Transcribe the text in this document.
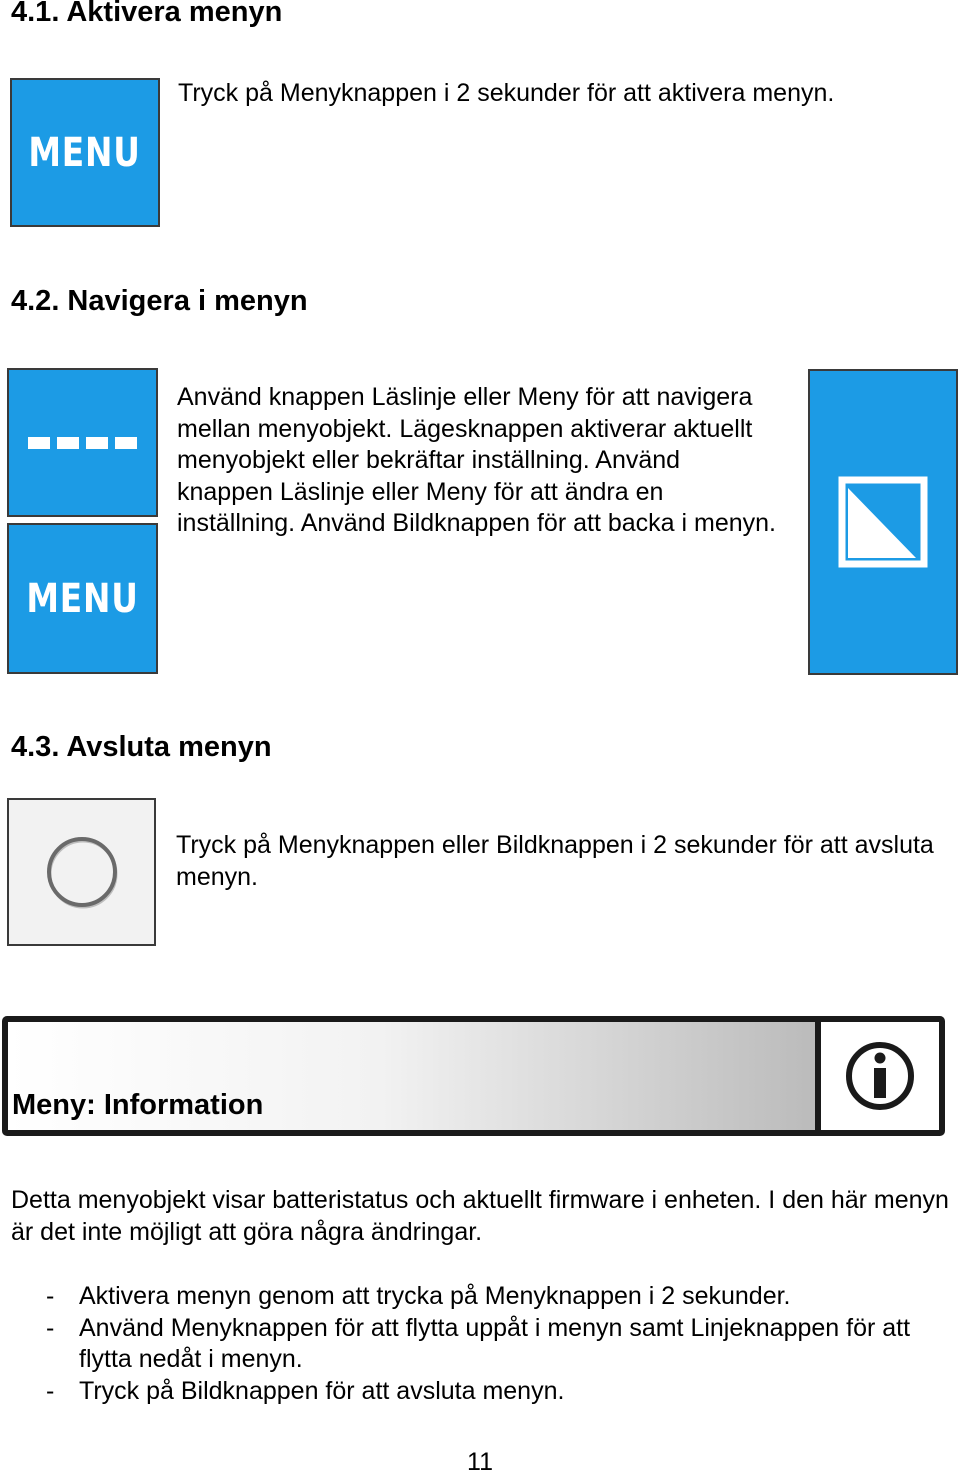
4.1. Aktivera menyn
MENU
Tryck på Menyknappen i 2 sekunder för att aktivera menyn.
4.2. Navigera i menyn
MENU
Använd knappen Läslinje eller Meny för att navigera mellan menyobjekt. Lägesknappen aktiverar aktuellt menyobjekt eller bekräftar inställning. Använd knappen Läslinje eller Meny för att ändra en inställning. Använd Bildknappen för att backa i menyn.
4.3. Avsluta menyn
Tryck på Menyknappen eller Bildknappen i 2 sekunder för att avsluta menyn.
Meny: Information
Detta menyobjekt visar batteristatus och aktuellt firmware i enheten. I den här menyn är det inte möjligt att göra några ändringar.
- Aktivera menyn genom att trycka på Menyknappen i 2 sekunder.
- Använd Menyknappen för att flytta uppåt i menyn samt Linjeknappen för att flytta nedåt i menyn.
- Tryck på Bildknappen för att avsluta menyn.
11
